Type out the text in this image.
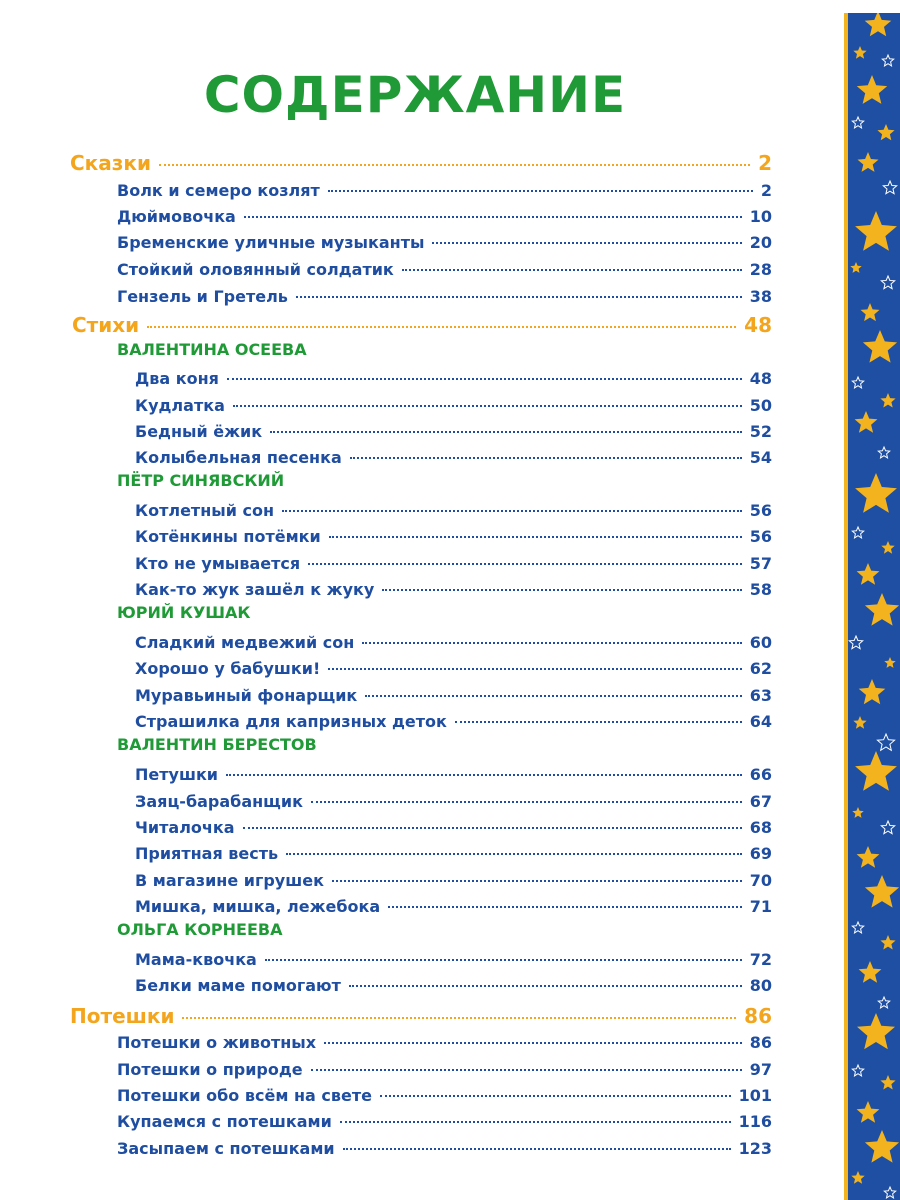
СОДЕРЖАНИЕ
Сказки	2
Волк и семеро козлят	2
Дюймовочка	10
Бременские уличные музыканты	20
Стойкий оловянный солдатик	28
Гензель и Гретель	38
Стихи	48
ВАЛЕНТИНА ОСЕЕВА
Два коня	48
Кудлатка	50
Бедный ёжик	52
Колыбельная песенка	54
ПЁТР СИНЯВСКИЙ
Котлетный сон	56
Котёнкины потёмки	56
Кто не умывается	57
Как-то жук зашёл к жуку	58
ЮРИЙ КУШАК
Сладкий медвежий сон	60
Хорошо у бабушки!	62
Муравьиный фонарщик	63
Страшилка для капризных деток	64
ВАЛЕНТИН БЕРЕСТОВ
Петушки	66
Заяц-барабанщик	67
Читалочка	68
Приятная весть	69
В магазине игрушек	70
Мишка, мишка, лежебока	71
ОЛЬГА КОРНЕЕВА
Мама-квочка	72
Белки маме помогают	80
Потешки	86
Потешки о животных	86
Потешки о природе	97
Потешки обо всём на свете	101
Купаемся с потешками	116
Засыпаем с потешками	123
